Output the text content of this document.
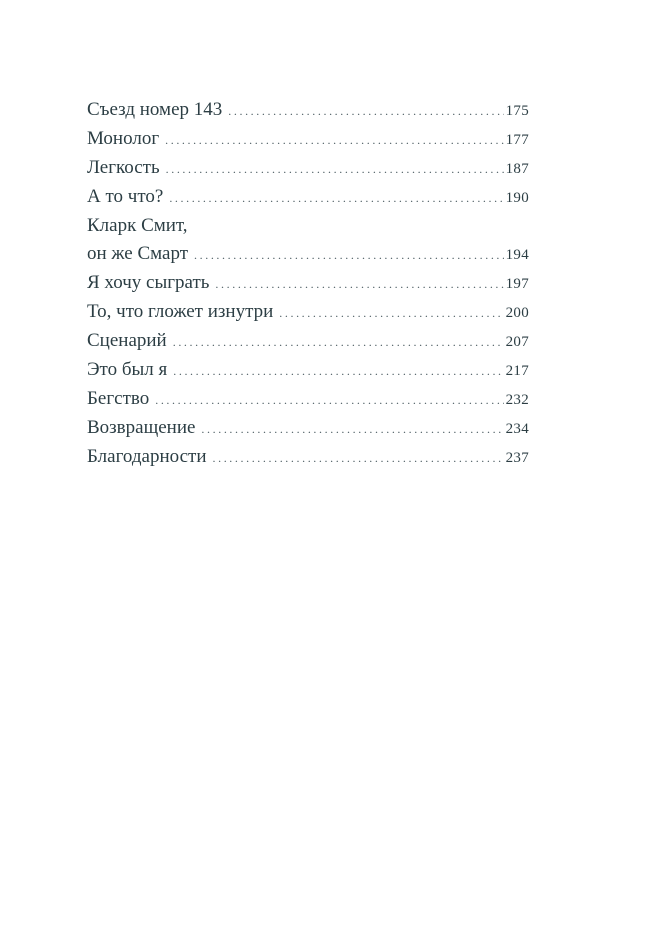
Съезд номер 143 .....	175
Монолог .....	177
Легкость .....	187
А то что? .....	190
Кларк Смит,
он же Смарт .....	194
Я хочу сыграть .....	197
То, что гложет изнутри .....	200
Сценарий .....	207
Это был я .....	217
Бегство .....	232
Возвращение .....	234
Благодарности .....	237
